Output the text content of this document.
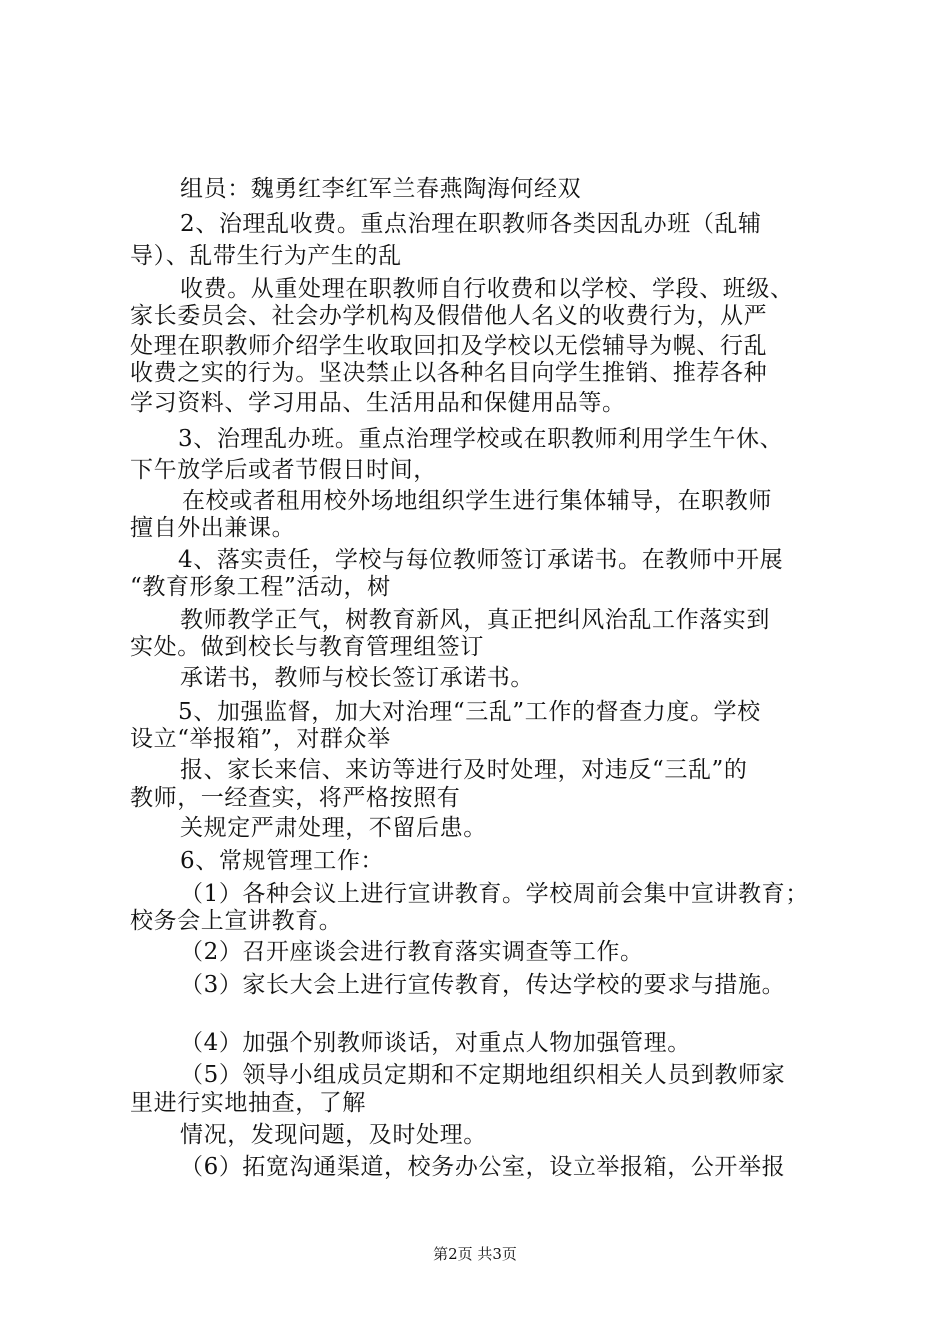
组员：魏勇红李红军兰春燕陶海何经双
2、治理乱收费。重点治理在职教师各类因乱办班（乱辅
导）、乱带生行为产生的乱
收费。从重处理在职教师自行收费和以学校、学段、班级、
家长委员会、社会办学机构及假借他人名义的收费行为，从严
处理在职教师介绍学生收取回扣及学校以无偿辅导为幌、行乱
收费之实的行为。坚决禁止以各种名目向学生推销、推荐各种
学习资料、学习用品、生活用品和保健用品等。
3、治理乱办班。重点治理学校或在职教师利用学生午休、
下午放学后或者节假日时间，
在校或者租用校外场地组织学生进行集体辅导，在职教师
擅自外出兼课。
4、落实责任，学校与每位教师签订承诺书。在教师中开展
“教育形象工程”活动，树
教师教学正气，树教育新风，真正把纠风治乱工作落实到
实处。做到校长与教育管理组签订
承诺书，教师与校长签订承诺书。
5、加强监督，加大对治理“三乱”工作的督查力度。学校
设立“举报箱”，对群众举
报、家长来信、来访等进行及时处理，对违反“三乱”的
教师，一经查实，将严格按照有
关规定严肃处理，不留后患。
6、常规管理工作：
（1）各种会议上进行宣讲教育。学校周前会集中宣讲教育；
校务会上宣讲教育。
（2）召开座谈会进行教育落实调查等工作。
（3）家长大会上进行宣传教育，传达学校的要求与措施。
（4）加强个别教师谈话，对重点人物加强管理。
（5）领导小组成员定期和不定期地组织相关人员到教师家
里进行实地抽查，了解
情况，发现问题，及时处理。
（6）拓宽沟通渠道，校务办公室，设立举报箱，公开举报
第2页 共3页
